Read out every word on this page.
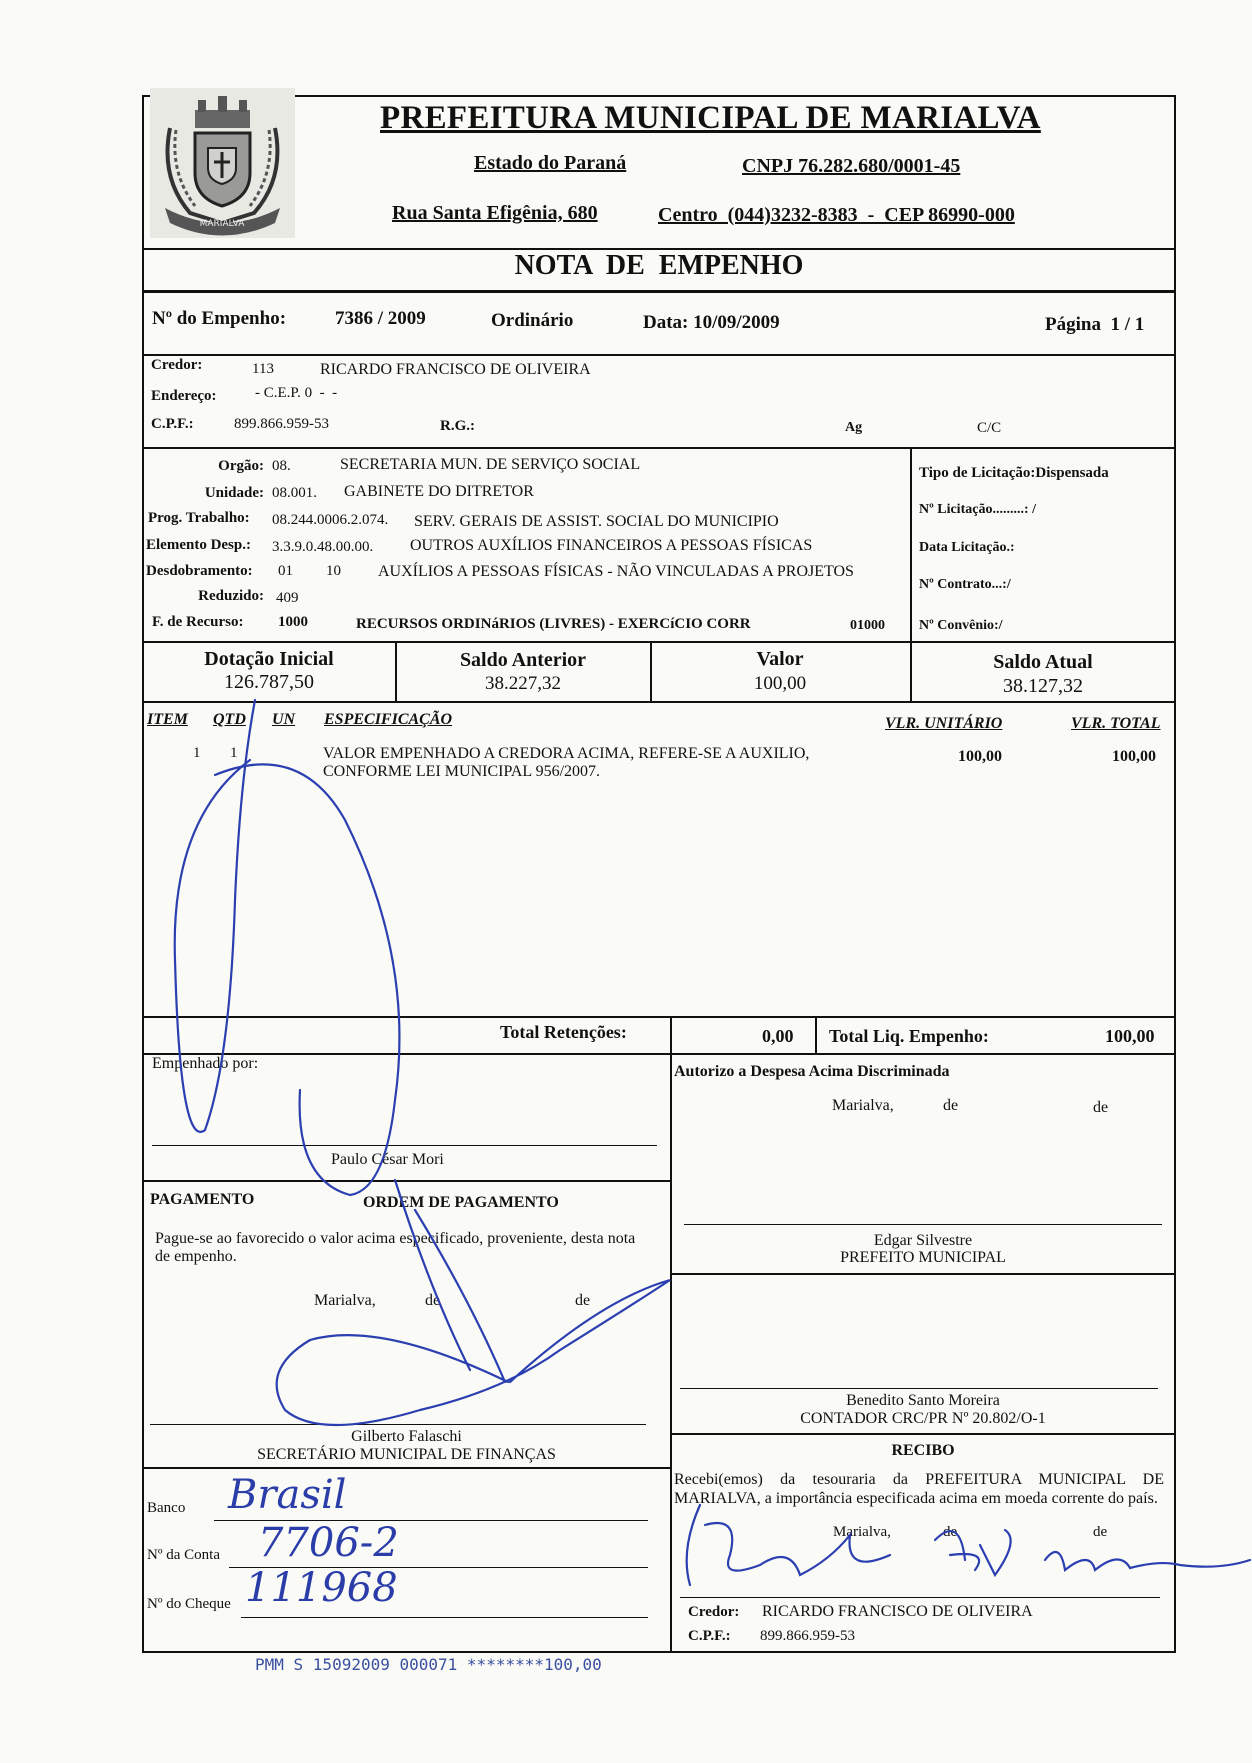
MARIALVA
PREFEITURA MUNICIPAL DE MARIALVA
Estado do Paraná	CNPJ 76.282.680/0001-45
Rua Santa Efigênia, 680	Centro  (044)3232-8383  -  CEP 86990-000
NOTA  DE  EMPENHO
Nº do Empenho:	7386 / 2009	Ordinário	Data: 10/09/2009	Página  1 / 1
Credor:	113	RICARDO FRANCISCO DE OLIVEIRA
Endereço:	- C.E.P. 0  -  -
C.P.F.:	899.866.959-53	R.G.:	Ag	C/C
Orgão: 08.	SECRETARIA MUN. DE SERVIÇO SOCIAL
Unidade: 08.001. GABINETE DO DITRETOR
Prog. Trabalho: 08.244.0006.2.074. SERV. GERAIS DE ASSIST. SOCIAL DO MUNICIPIO
Elemento Desp.: 3.3.9.0.48.00.00. OUTROS AUXÍLIOS FINANCEIROS A PESSOAS FÍSICAS
Desdobramento: 01 10 AUXÍLIOS A PESSOAS FÍSICAS - NÃO VINCULADAS A PROJETOS
Reduzido: 409
F. de Recurso: 1000	RECURSOS ORDINáRIOS (LIVRES) - EXERCíCIO CORR	01000
Tipo de Licitação:Dispensada
Nº Licitação.........: /
Data Licitação.:
Nº Contrato...:/
Nº Convênio:/
Dotação Inicial
126.787,50
Saldo Anterior
38.227,32
Valor
100,00
Saldo Atual
38.127,32
ITEM QTD UN ESPECIFICAÇÃO	VLR. UNITÁRIO	VLR. TOTAL
1 1	VALOR EMPENHADO A CREDORA ACIMA, REFERE-SE A AUXILIO,
CONFORME LEI MUNICIPAL 956/2007.
100,00	100,00
Total Retenções:	0,00 Total Liq. Empenho:	100,00
Empenhado por:
Paulo César Mori
Autorizo a Despesa Acima Discriminada
Marialva,	de	de
Edgar Silvestre
PREFEITO MUNICIPAL
PAGAMENTO	ORDEM DE PAGAMENTO
Pague-se ao favorecido o valor acima especificado, proveniente, desta nota de empenho.
Marialva,	de	de
Gilberto Falaschi
SECRETÁRIO MUNICIPAL DE FINANÇAS
Benedito Santo Moreira
CONTADOR CRC/PR Nº 20.802/O-1
Banco Brasil
Nº da Conta 7706-2
Nº do Cheque 111968
RECIBO
Recebi(emos) da tesouraria da PREFEITURA MUNICIPAL DE MARIALVA, a importância especificada acima em moeda corrente do país.
Marialva,	de	de
Credor: RICARDO FRANCISCO DE OLIVEIRA
C.P.F.: 899.866.959-53
PMM S 15092009 000071 ********100,00
